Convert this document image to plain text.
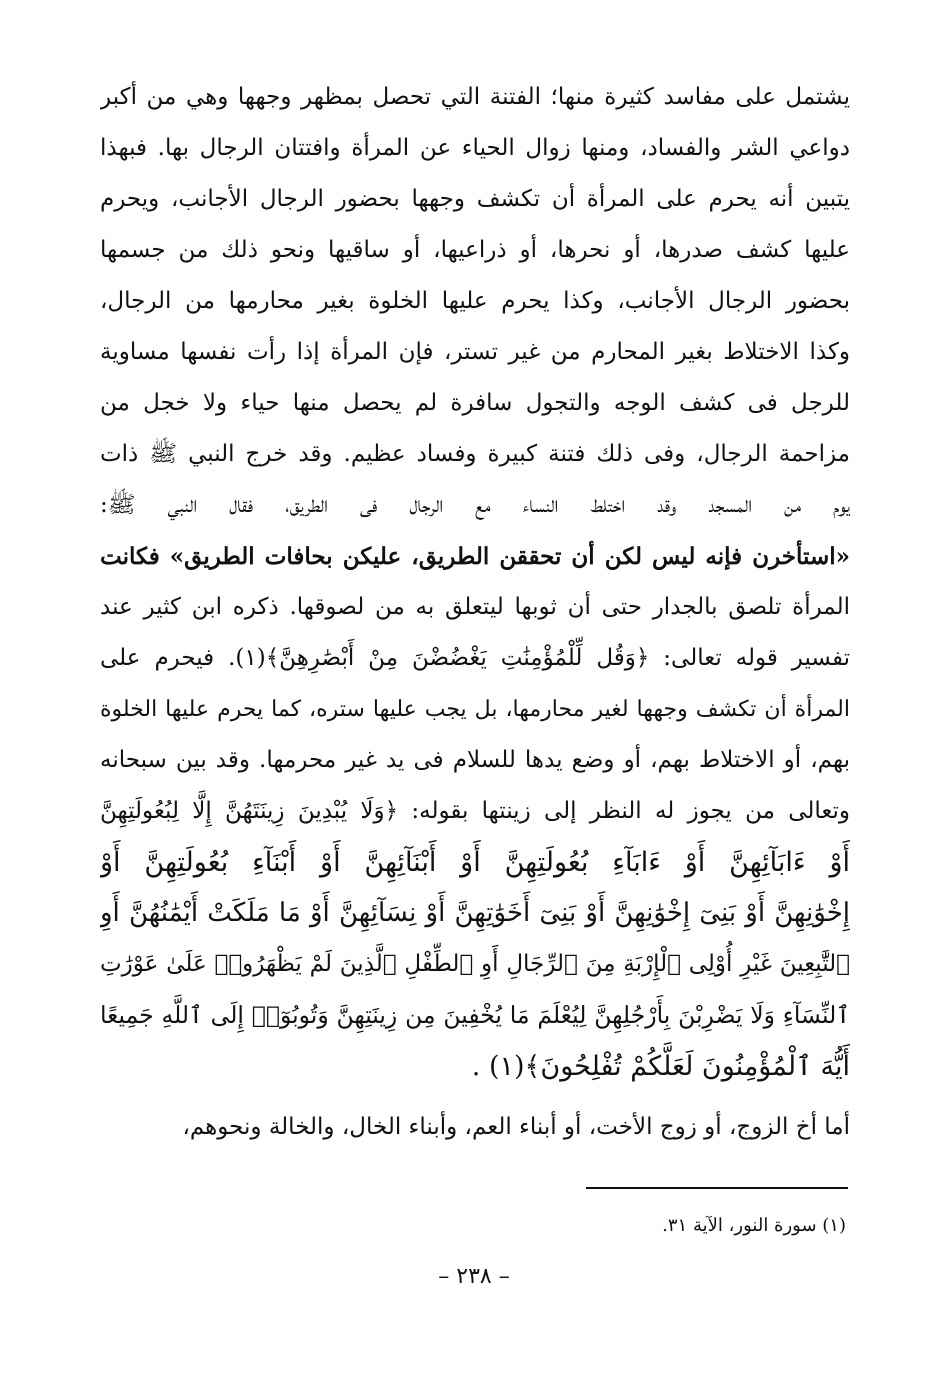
يشتمل على مفاسد كثيرة منها؛ الفتنة التي تحصل بمظهر وجهها وهي من أكبر
دواعي الشر والفساد، ومنها زوال الحياء عن المرأة وافتتان الرجال بها. فبهذا
يتبين أنه يحرم على المرأة أن تكشف وجهها بحضور الرجال الأجانب، ويحرم
عليها كشف صدرها، أو نحرها، أو ذراعيها، أو ساقيها ونحو ذلك من جسمها
بحضور الرجال الأجانب، وكذا يحرم عليها الخلوة بغير محارمها من الرجال،
وكذا الاختلاط بغير المحارم من غير تستر، فإن المرأة إذا رأت نفسها مساوية
للرجل فى كشف الوجه والتجول سافرة لم يحصل منها حياء ولا خجل من
مزاحمة الرجال، وفى ذلك فتنة كبيرة وفساد عظيم. وقد خرج النبي ﷺ ذات
يوم من المسجد وقد اختلط النساء مع الرجال فى الطريق، فقال النبي ﷺ:
«استأخرن فإنه ليس لكن أن تحققن الطريق، عليكن بحافات الطريق» فكانت
المرأة تلصق بالجدار حتى أن ثوبها ليتعلق به من لصوقها. ذكره ابن كثير عند
تفسير قوله تعالى: ﴿وَقُل لِّلْمُؤْمِنَٰتِ يَغْضُضْنَ مِنْ أَبْصَٰرِهِنَّ﴾(١). فيحرم على
المرأة أن تكشف وجهها لغير محارمها، بل يجب عليها ستره، كما يحرم عليها الخلوة
بهم، أو الاختلاط بهم، أو وضع يدها للسلام فى يد غير محرمها. وقد بين سبحانه
وتعالى من يجوز له النظر إلى زينتها بقوله: ﴿وَلَا يُبْدِينَ زِينَتَهُنَّ إِلَّا لِبُعُولَتِهِنَّ
أَوْ ءَابَآئِهِنَّ أَوْ ءَابَآءِ بُعُولَتِهِنَّ أَوْ أَبْنَآئِهِنَّ أَوْ أَبْنَآءِ بُعُولَتِهِنَّ أَوْ
إِخْوَٰنِهِنَّ أَوْ بَنِىٓ إِخْوَٰنِهِنَّ أَوْ بَنِىٓ أَخَوَٰتِهِنَّ أَوْ نِسَآئِهِنَّ أَوْ مَا مَلَكَتْ أَيْمَٰنُهُنَّ أَوِ
ٱلتَّٰبِعِينَ غَيْرِ أُوْلِى ٱلْإِرْبَةِ مِنَ ٱلرِّجَالِ أَوِ ٱلطِّفْلِ ٱلَّذِينَ لَمْ يَظْهَرُوا۟ عَلَىٰ عَوْرَٰتِ
ٱلنِّسَآءِ وَلَا يَضْرِبْنَ بِأَرْجُلِهِنَّ لِيُعْلَمَ مَا يُخْفِينَ مِن زِينَتِهِنَّ وَتُوبُوٓا۟ إِلَى ٱللَّهِ جَمِيعًا
أَيُّهَ ٱلْمُؤْمِنُونَ لَعَلَّكُمْ تُفْلِحُونَ﴾(١) .
أما أخ الزوج، أو زوج الأخت، أو أبناء العم، وأبناء الخال، والخالة ونحوهم،
(١) سورة النور، الآية ٣١.
– ٢٣٨ –
